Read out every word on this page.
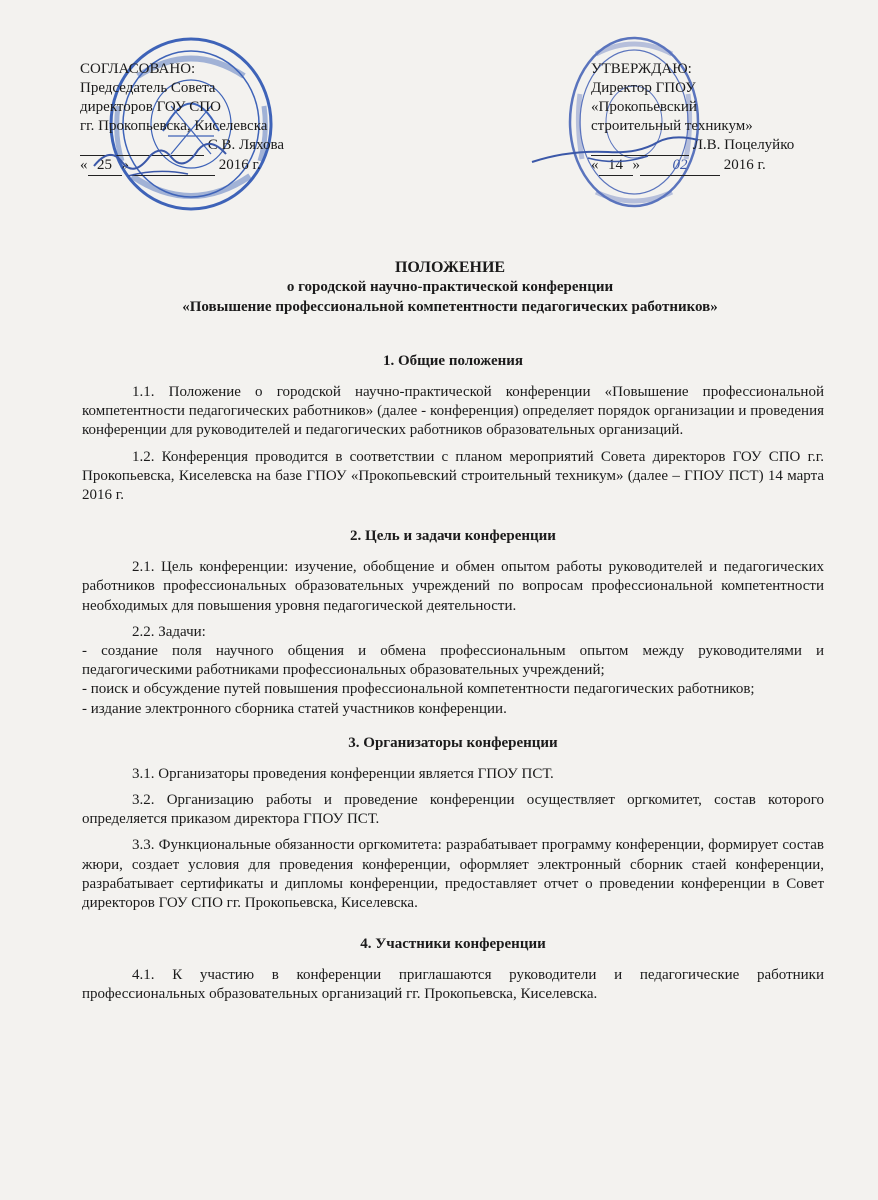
СОГЛАСОВАНО:
Председатель Совета
директоров ГОУ СПО
гг. Прокопьевска, Киселевска
С.В. Ляхова
« 25 »	2016 г.
УТВЕРЖДАЮ:
Директор ГПОУ
«Прокопьевский
строительный техникум»
Л.В. Поцелуйко
« 14 » 02 2016 г.
ПОЛОЖЕНИЕ
о городской научно-практической конференции
«Повышение профессиональной компетентности педагогических работников»
1. Общие положения

1.1. Положение о городской научно-практической конференции «Повышение профессиональной компетентности педагогических работников» (далее - конференция) определяет порядок организации и проведения конференции для руководителей и педагогических работников образовательных организаций.

1.2. Конференция проводится в соответствии с планом мероприятий Совета директоров ГОУ СПО г.г. Прокопьевска, Киселевска на базе ГПОУ «Прокопьевский строительный техникум» (далее – ГПОУ ПСТ) 14 марта 2016 г.

2. Цель и задачи конференции

2.1. Цель конференции: изучение, обобщение и обмен опытом работы руководителей и педагогических работников профессиональных образовательных учреждений по вопросам профессиональной компетентности необходимых для повышения уровня педагогической деятельности.

2.2. Задачи:

- создание поля научного общения и обмена профессиональным опытом между руководителями и педагогическими работниками профессиональных образовательных учреждений;

- поиск и обсуждение путей повышения профессиональной компетентности педагогических работников;

- издание электронного сборника статей участников конференции.

3. Организаторы конференции

3.1. Организаторы проведения конференции является ГПОУ ПСТ.

3.2. Организацию работы и проведение конференции осуществляет оргкомитет, состав которого определяется приказом директора ГПОУ ПСТ.

3.3. Функциональные обязанности оргкомитета: разрабатывает программу конференции, формирует состав жюри, создает условия для проведения конференции, оформляет электронный сборник стаей конференции, разрабатывает сертификаты и дипломы конференции, предоставляет отчет о проведении конференции в Совет директоров ГОУ СПО гг. Прокопьевска, Киселевска.

4. Участники конференции

4.1. К участию в конференции приглашаются руководители и педагогические работники профессиональных образовательных организаций гг. Прокопьевска, Киселевска.
